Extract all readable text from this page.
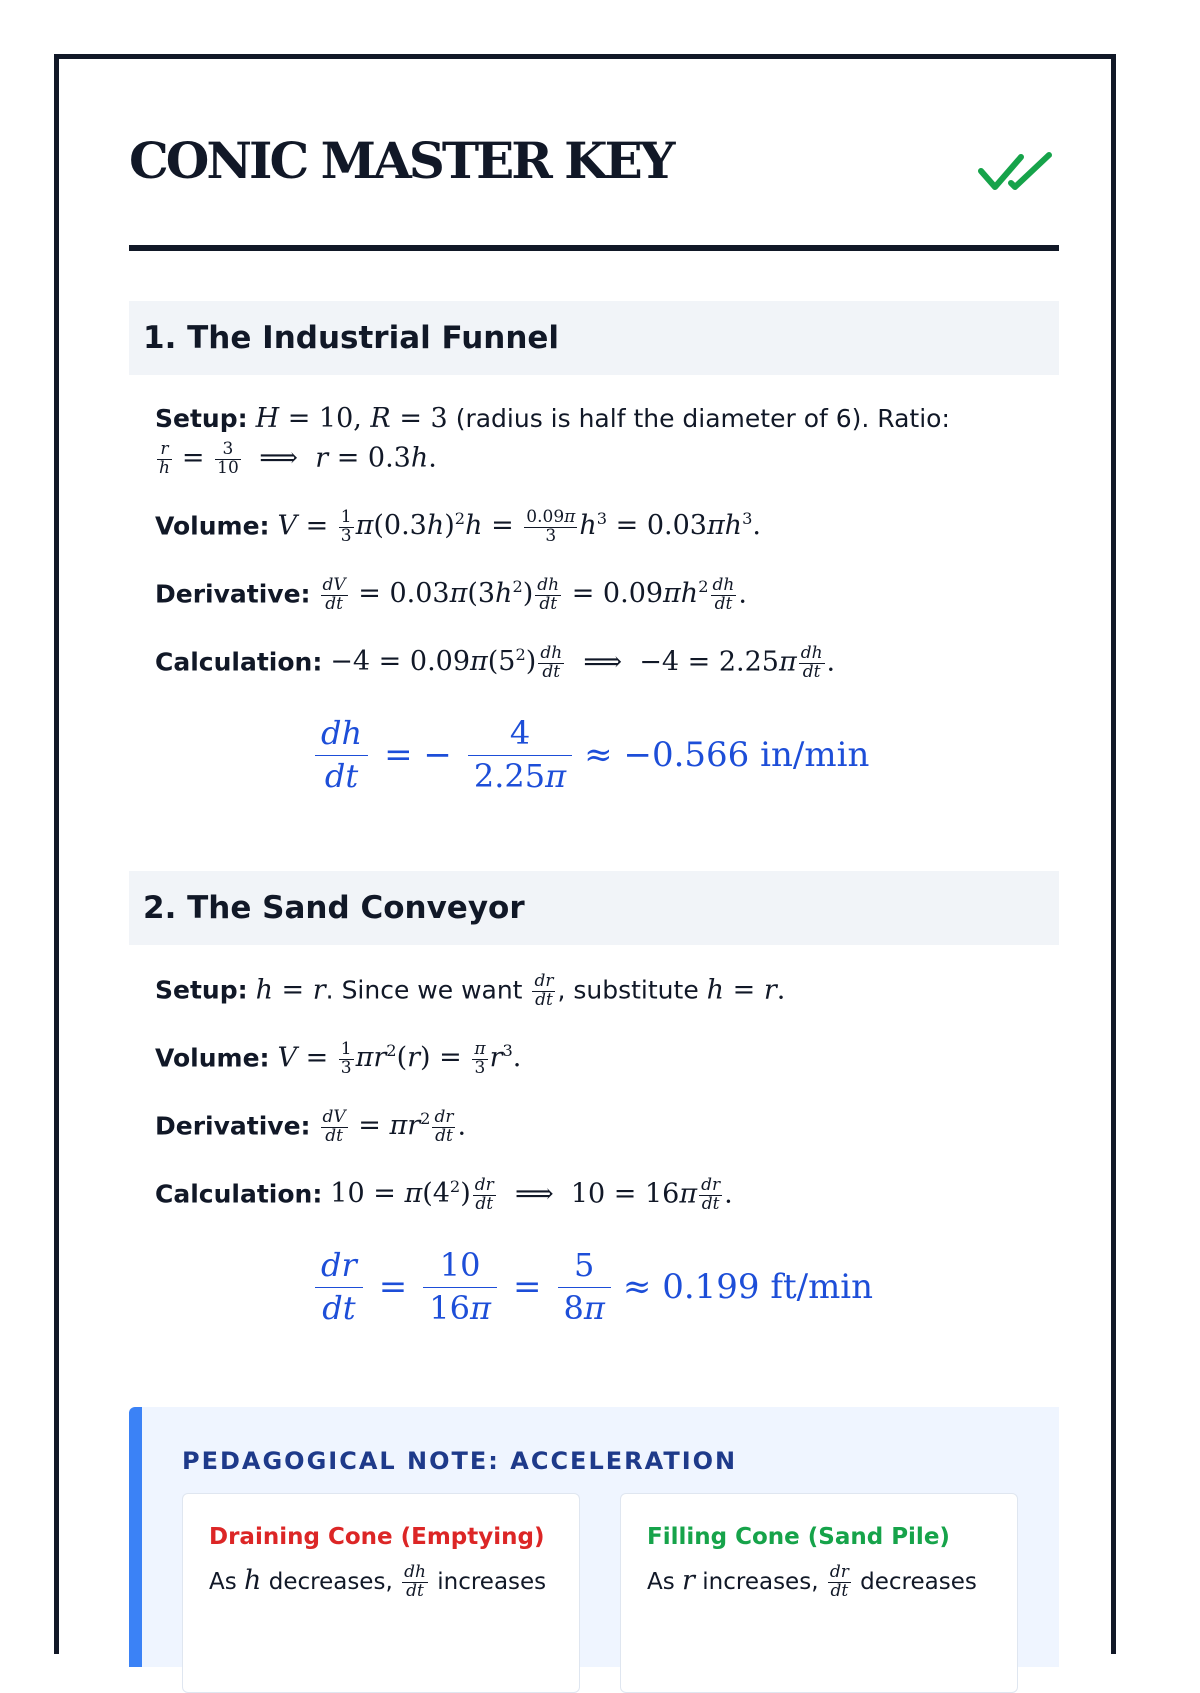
CONIC MASTER KEY
1. The Industrial Funnel
Setup: H = 10, R = 3 (radius is half the diameter of 6). Ratio:
$\frac{r}{h} = \frac{3}{10}$ ⟹  r = 0.3h.
Volume: $V = \frac{1}{3} \pi(0.3h)^2h = \frac{0.09\pi}{3} h^3 = 0.03\pi h^3$.
Derivative: $\frac{dV}{dt} = 0.03\pi(3h^2) \frac{dh}{dt} = 0.09\pi h^2 \frac{dh}{dt}$ .
Calculation: $-4 = 0.09\pi(5^2) \frac{dh}{dt}$ ⟹  $-4 = 2.25\pi \frac{dh}{dt}$ .
$\frac{dh}{dt}$ = − $\frac{4}{2.25\pi} \approx -0.566$ in/min
2. The Sand Conveyor
Setup: h = r. Since we want $\frac{dr}{dt}$ , substitute h = r.
Volume: $V = \frac{1}{3} \pi r^2(r) = \frac{\pi}{3} r^3$.
Derivative: $\frac{dV}{dt} = \pi r^2 \frac{dr}{dt}$ .
Calculation: $10 = \pi(4^2) \frac{dr}{dt}$ ⟹  $10 = 16\pi \frac{dr}{dt}$ .
$\frac{dr}{dt} = \frac{10}{16\pi} = \frac{5}{8\pi} \approx 0.199$ ft/min
PEDAGOGICAL NOTE: ACCELERATION
Draining Cone (Emptying)
As h decreases, $\frac{dh}{dt}$ increases
Filling Cone (Sand Pile)
As r increases, $\frac{dr}{dt}$ decreases
